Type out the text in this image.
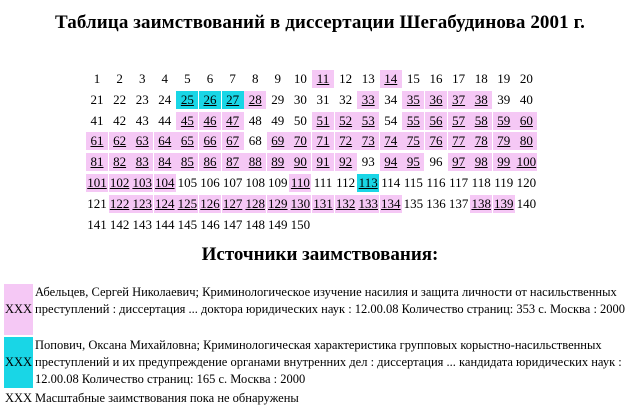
Таблица заимствований в диссертации Шегабудинова 2001 г.
1	2	3	4	5	6	7	8	9 10 11 12 13 14 15 16 17 18 19 20
21 22 23 24 25 26 27 28 29 30 31 32 33 34 35 36 37 38 39 40
41 42 43 44 45 46 47 48 49 50 51 52 53 54 55 56 57 58 59 60
61 62 63 64 65 66 67 68 69 70 71 72 73 74 75 76 77 78 79 80
81 82 83 84 85 86 87 88 89 90 91 92 93 94 95 96 97 98 99 100
101 102 103 104 105 106 107 108 109 110 111 112 113 114 115 116 117 118 119 120
121 122 123 124 125 126 127 128 129 130 131 132 133 134 135 136 137 138 139 140
141 142 143 144 145 146 147 148 149 150
Источники заимствования:
XXX
Абельцев, Сергей Николаевич; Криминологическое изучение насилия и защита личности от насильственных преступлений : диссертация ... доктора юридических наук : 12.00.08 Количество страниц: 353 с. Москва : 2000
XXX
Попович, Оксана Михайловна; Криминологическая характеристика групповых корыстно-насильственных преступлений и их предупреждение органами внутренних дел : диссертация ... кандидата юридических наук : 12.00.08 Количество страниц: 165 с. Москва : 2000
XXX Масштабные заимствования пока не обнаружены
